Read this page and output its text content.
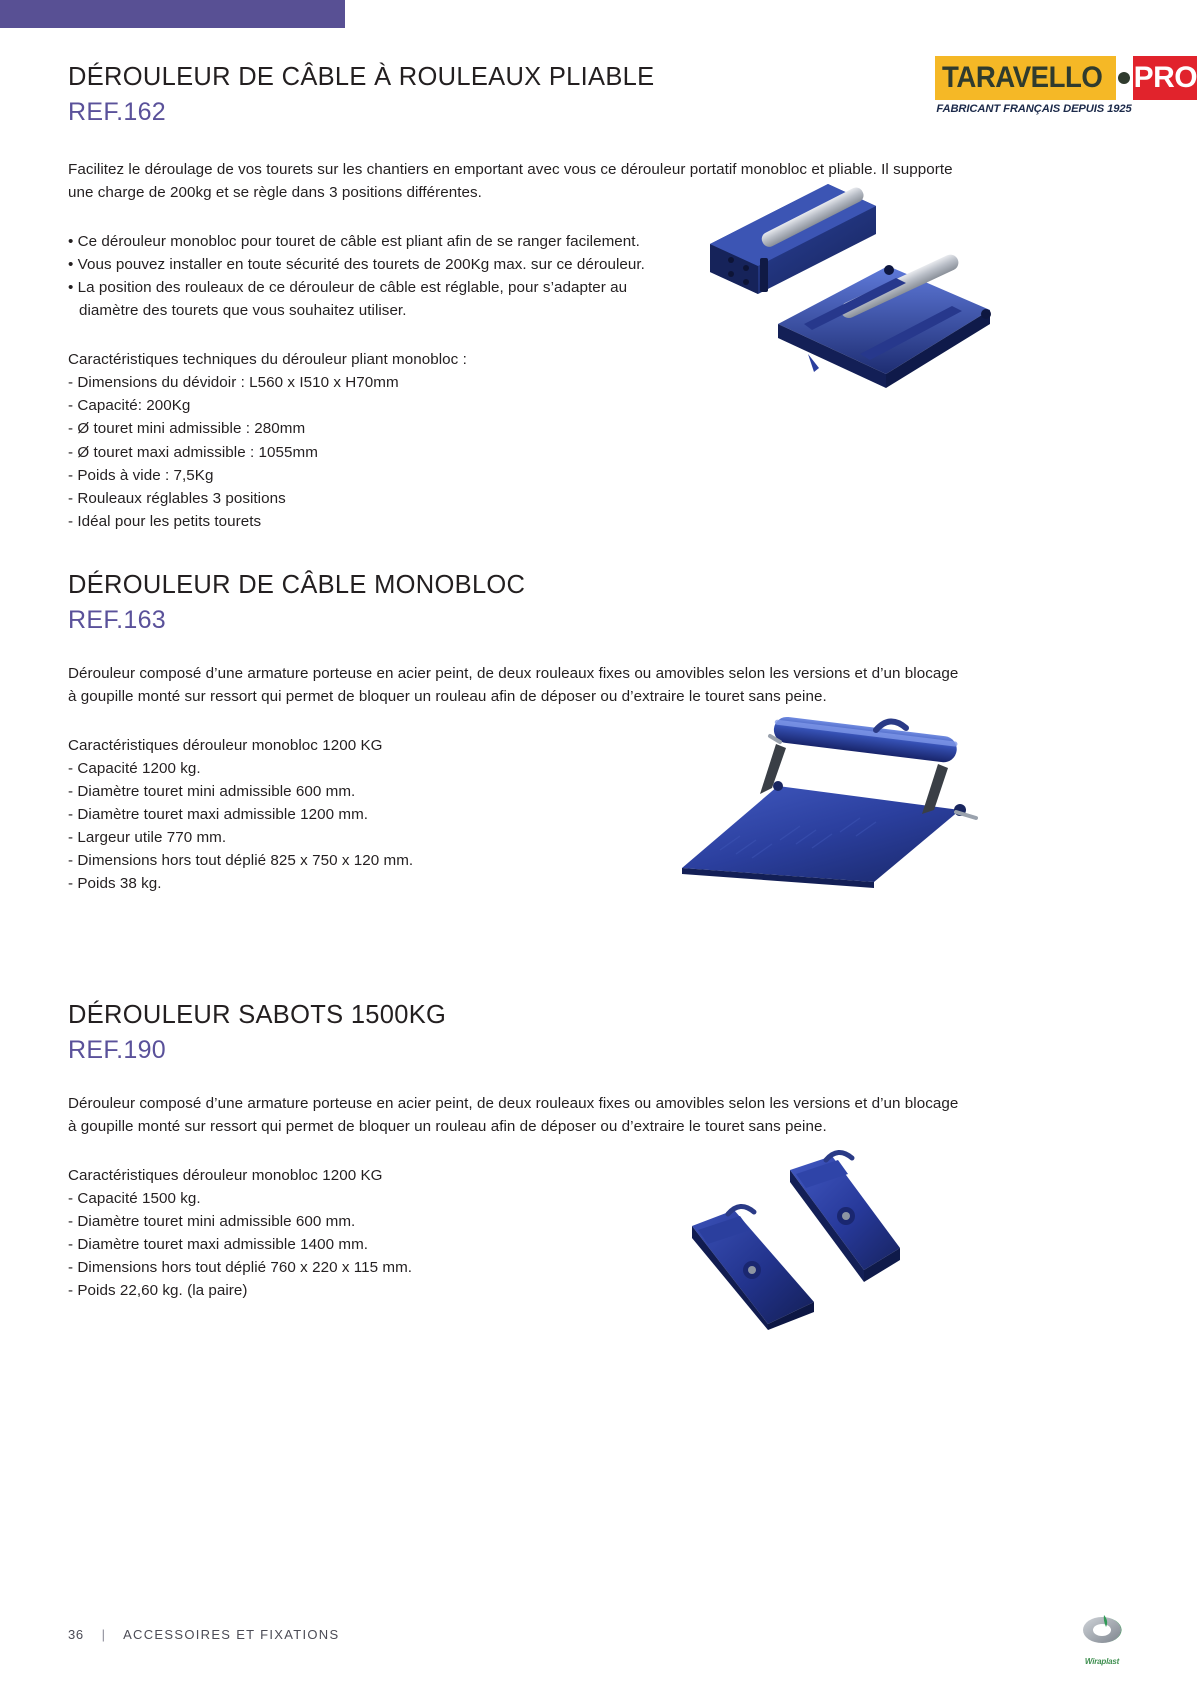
DÉROULEUR DE CÂBLE À ROULEAUX PLIABLE
REF.162
TARAVELLO PRO
FABRICANT FRANÇAIS DEPUIS 1925

Facilitez le déroulage de vos tourets sur les chantiers en emportant avec vous ce dérouleur portatif monobloc et pliable. Il supporte

une charge de 200kg et se règle dans 3 positions différentes.

• Ce dérouleur monobloc pour touret de câble est pliant afin de se ranger facilement.

• Vous pouvez installer en toute sécurité des tourets de 200Kg max. sur ce dérouleur.

• La position des rouleaux de ce dérouleur de câble est réglable, pour s’adapter au

diamètre des tourets que vous souhaitez utiliser.

Caractéristiques techniques du dérouleur pliant monobloc :

- Dimensions du dévidoir : L560 x I510 x H70mm

- Capacité: 200Kg

- Ø touret mini admissible : 280mm

- Ø touret maxi admissible : 1055mm

- Poids à vide : 7,5Kg

- Rouleaux réglables 3 positions

- Idéal pour les petits tourets

DÉROULEUR DE CÂBLE MONOBLOC
REF.163

Dérouleur composé d’une armature porteuse en acier peint, de deux rouleaux fixes ou amovibles selon les versions et d’un blocage

à goupille monté sur ressort qui permet de bloquer un rouleau afin de déposer ou d’extraire le touret sans peine.

Caractéristiques dérouleur monobloc 1200 KG

- Capacité 1200 kg.

- Diamètre touret mini admissible 600 mm.

- Diamètre touret maxi admissible 1200 mm.

- Largeur utile 770 mm.

- Dimensions hors tout déplié 825 x 750 x 120 mm.

- Poids 38 kg.

DÉROULEUR SABOTS 1500KG
REF.190

Dérouleur composé d’une armature porteuse en acier peint, de deux rouleaux fixes ou amovibles selon les versions et d’un blocage

à goupille monté sur ressort qui permet de bloquer un rouleau afin de déposer ou d’extraire le touret sans peine.

Caractéristiques dérouleur monobloc 1200 KG

- Capacité 1500 kg.

- Diamètre touret mini admissible 600 mm.

- Diamètre touret maxi admissible 1400 mm.

- Dimensions hors tout déplié 760 x 220 x 115 mm.

- Poids 22,60 kg. (la paire)

36 | ACCESSOIRES ET FIXATIONS
Wiraplast
